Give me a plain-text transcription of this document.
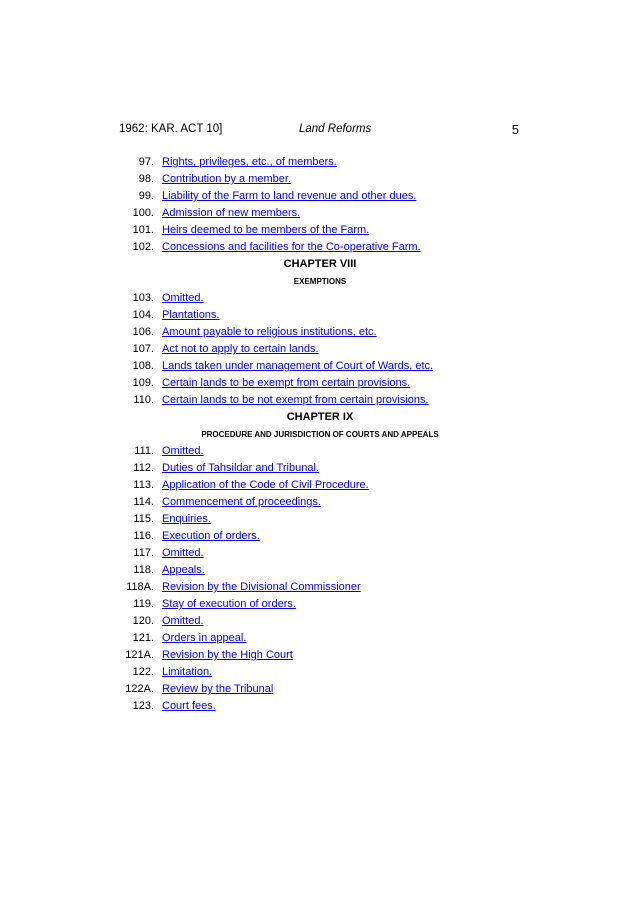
1962: KAR. ACT 10]	Land Reforms	5
97. Rights, privileges, etc., of members.
98. Contribution by a member.
99. Liability of the Farm to land revenue and other dues.
100. Admission of new members.
101. Heirs deemed to be members of the Farm.
102. Concessions and facilities for the Co-operative Farm.
CHAPTER VIII
EXEMPTIONS
103. Omitted.
104. Plantations.
106. Amount payable to religious institutions, etc.
107. Act not to apply to certain lands.
108. Lands taken under management of Court of Wards, etc.
109. Certain lands to be exempt from certain provisions.
110. Certain lands to be not exempt from certain provisions.
CHAPTER IX
PROCEDURE AND JURISDICTION OF COURTS AND APPEALS
111. Omitted.
112. Duties of Tahsildar and Tribunal.
113. Application of the Code of Civil Procedure.
114. Commencement of proceedings.
115. Enquiries.
116. Execution of orders.
117. Omitted.
118. Appeals.
118A. Revision by the Divisional Commissioner
119. Stay of execution of orders.
120. Omitted.
121. Orders in appeal.
121A. Revision by the High Court
122. Limitation.
122A. Review by the Tribunal
123. Court fees.
